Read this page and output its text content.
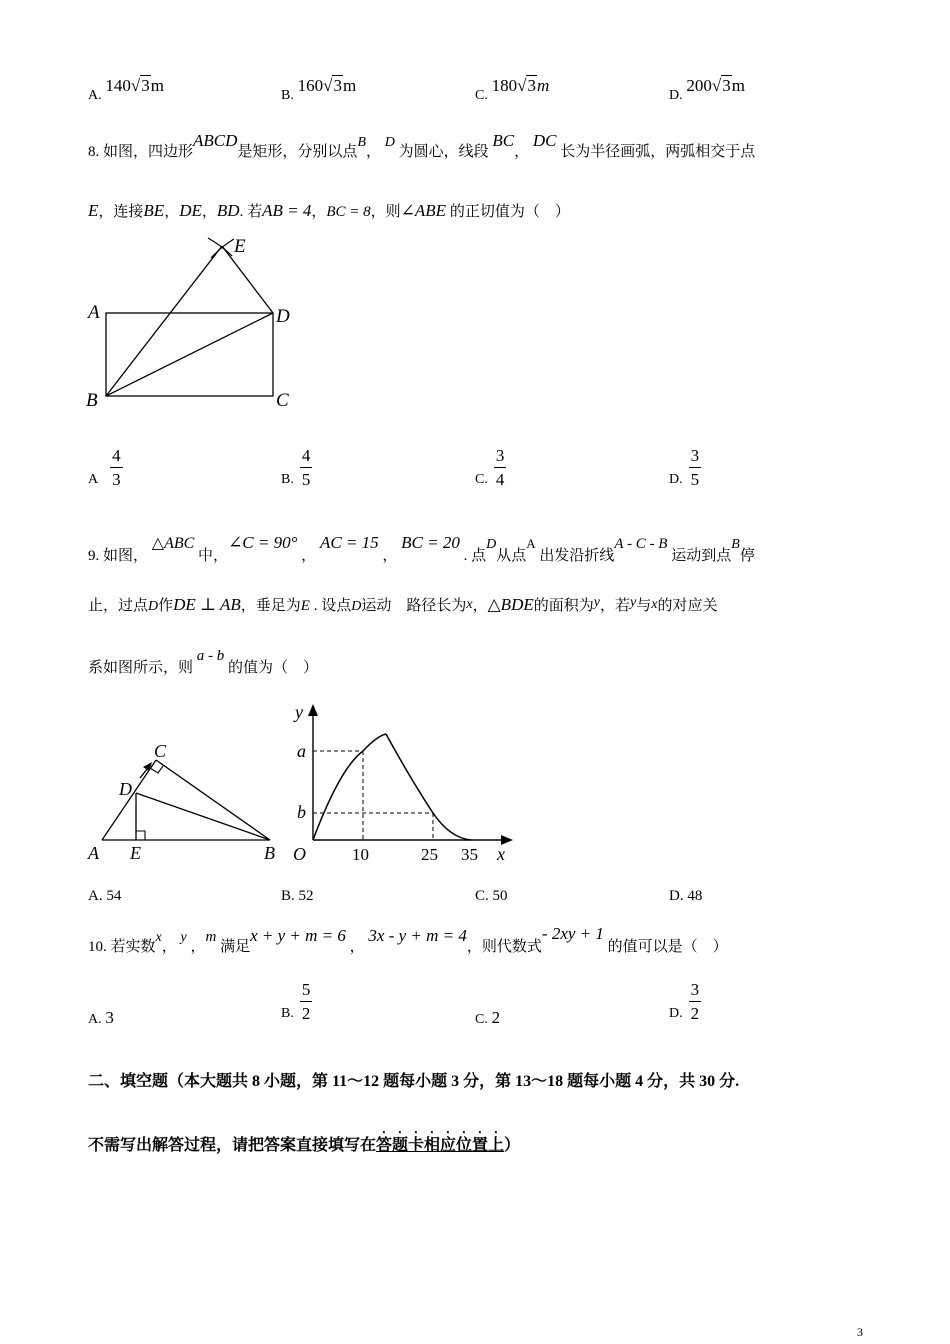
A. 140√3m
B. 160√3m
C. 180√3m
D. 200√3m
8. 如图，四边形ABCD是矩形，分别以点B， D 为圆心，线段 BC， DC 长为半径画弧，两弧相交于点
E，连接BE，DE，BD. 若AB = 4，BC = 8，则∠ABE 的正切值为（　）
A
B	C
D
E
A $\frac{4}{3}$	B. $\frac{4}{5}$	C. $\frac{3}{4}$	D. $\frac{3}{5}$
9. 如图， △ABC 中，∠C = 90° ， AC = 15 ， BC = 20 . 点D从点A 出发沿折线A - C - B 运动到点B停
止，过点D作DE ⊥ AB，垂足为E . 设点D运动　路径长为x，△BDE的面积为y，若y与x的对应关
系如图所示，则 a - b 的值为（　）
A E	B
C
D
y
x
O
a
b
10	25 35
A. 54	B. 52	C. 50	D. 48
10. 若实数x， y ，m 满足x + y + m = 6 ， 3x - y + m = 4，则代数式- 2xy + 1 的值可以是（　）
A. 3	B. $\frac{5}{2}$	C. 2	D. $\frac{3}{2}$
二、填空题（本大题共 8 小题，第 11～12 题每小题 3 分，第 13～18 题每小题 4 分，共 30 分.
不需写出解答过程，请把答案直接填写在答题卡相应位置上）
3
